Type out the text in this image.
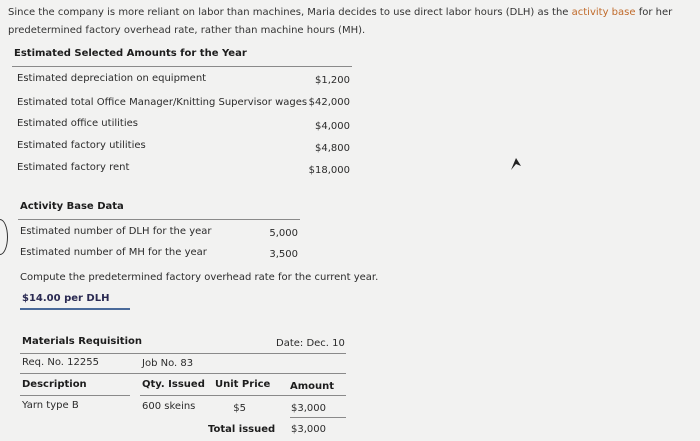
Since the company is more reliant on labor than machines, Maria decides to use direct labor hours (DLH) as the activity base for her predetermined factory overhead rate, rather than machine hours (MH).
Estimated Selected Amounts for the Year
Estimated depreciation on equipment	$1,200
Estimated total Office Manager/Knitting Supervisor wages $42,000
Estimated office utilities	$4,000
Estimated factory utilities	$4,800
Estimated factory rent	$18,000
Activity Base Data
Estimated number of DLH for the year	5,000
Estimated number of MH for the year	3,500
Compute the predetermined factory overhead rate for the current year.
$14.00 per DLH
Materials Requisition	Date: Dec. 10
Req. No. 12255	Job No. 83
Description	Qty. Issued Unit Price Amount
Yarn type B	600 skeins	$5	$3,000
Total issued	$3,000
